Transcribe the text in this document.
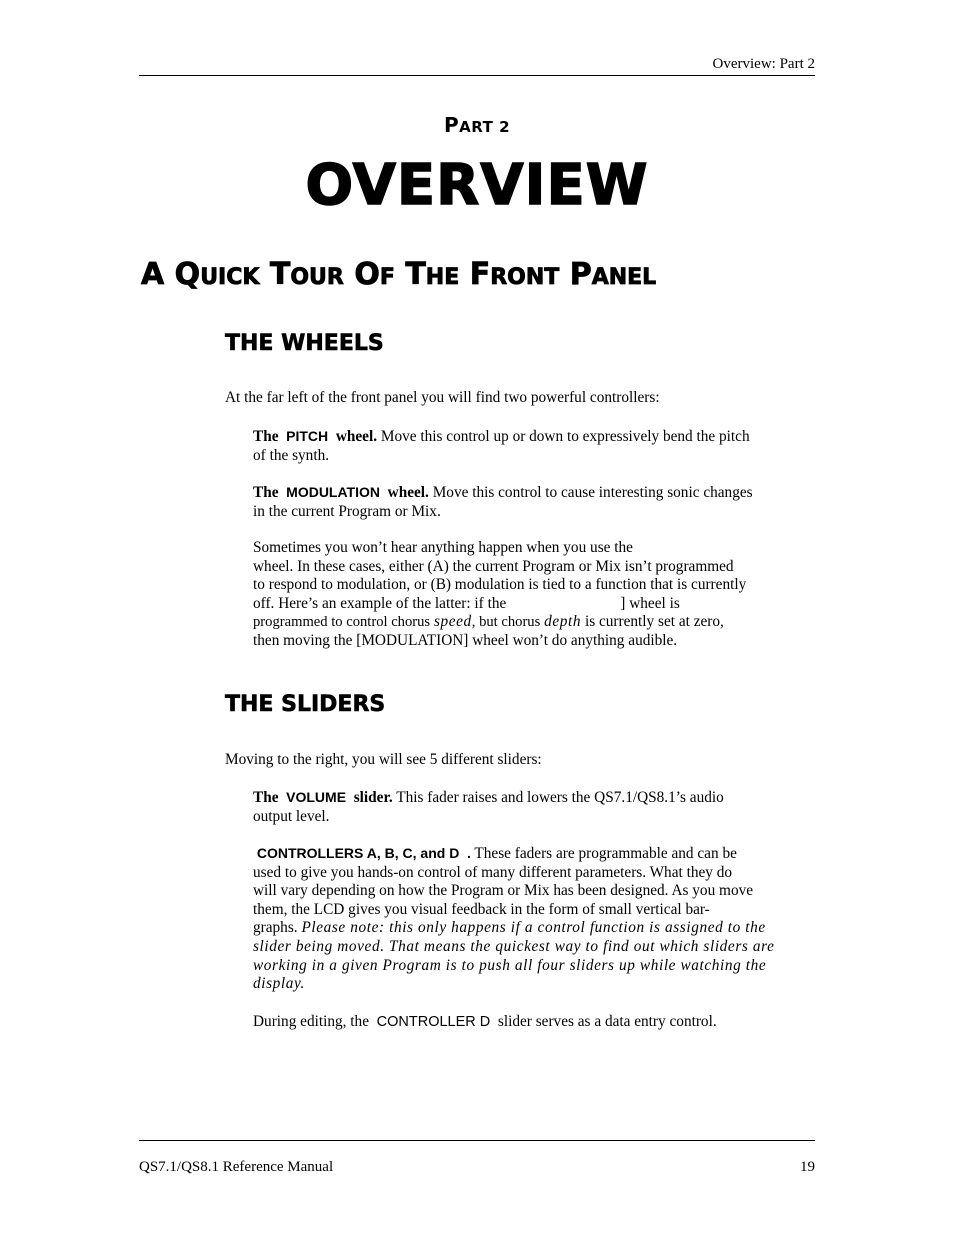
Overview: Part 2
PART 2
OVERVIEW
A QUICK TOUR OF THE FRONT PANEL
THE WHEELS
At the far left of the front panel you will find two powerful controllers:
The PITCH wheel. Move this control up or down to expressively bend the pitch
of the synth.
The MODULATION wheel. Move this control to cause interesting sonic changes
in the current Program or Mix.
Sometimes you won’t hear anything happen when you use the
wheel. In these cases, either (A) the current Program or Mix isn’t programmed
to respond to modulation, or (B) modulation is tied to a function that is currently
off. Here’s an example of the latter: if the	] wheel is
programmed to control chorus speed, but chorus depth is currently set at zero,
then moving the [MODULATION] wheel won’t do anything audible.
THE SLIDERS
Moving to the right, you will see 5 different sliders:
The VOLUME slider. This fader raises and lowers the QS7.1/QS8.1’s audio
output level.
CONTROLLERS A, B, C, and D . These faders are programmable and can be
used to give you hands-on control of many different parameters. What they do
will vary depending on how the Program or Mix has been designed. As you move
them, the LCD gives you visual feedback in the form of small vertical bar-
graphs. Please note: this only happens if a control function is assigned to the
slider being moved. That means the quickest way to find out which sliders are
working in a given Program is to push all four sliders up while watching the
display.
During editing, the CONTROLLER D slider serves as a data entry control.
QS7.1/QS8.1 Reference Manual	19
